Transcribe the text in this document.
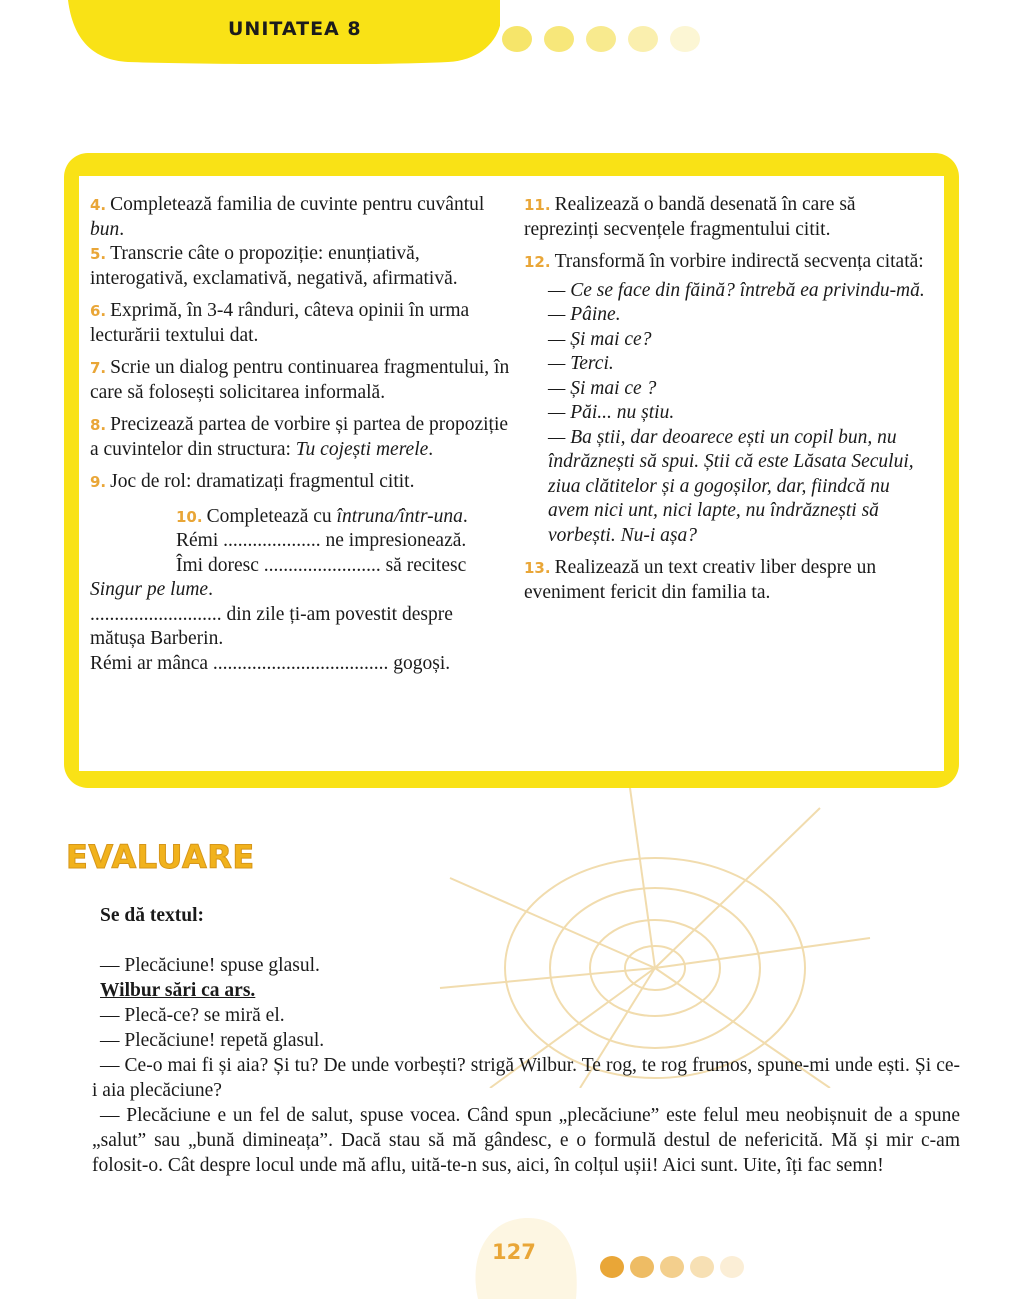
UNITATEA 8

4. Completează familia de cuvinte pentru cuvântul bun.

5. Transcrie câte o propoziție: enunțiativă, interogativă, exclamativă, negativă, afirmativă.

6. Exprimă, în 3-4 rânduri, câteva opinii în urma lecturării textului dat.

7. Scrie un dialog pentru continuarea fragmentului, în care să folosești solicitarea informală.

8. Precizează partea de vorbire și partea de propoziție a cuvintelor din structura: Tu cojești merele.

9. Joc de rol: dramatizați fragmentul citit.

10. Completează cu întruna/într-una.
Rémi .................... ne impresionează.
Îmi doresc ........................ să recitesc
Singur pe lume.
........................... din zile ți-am povestit despre mătușa Barberin.
Rémi ar mânca .................................... gogoși.

11. Realizează o bandă desenată în care să reprezinți secvențele fragmentului citit.

12. Transformă în vorbire indirectă secvența citată:

— Ce se face din făină? întrebă ea privindu-mă.
— Pâine.
— Și mai ce?
— Terci.
— Și mai ce ?
— Păi... nu știu.
— Ba știi, dar deoarece ești un copil bun, nu îndrăznești să spui. Știi că este Lăsata Secului, ziua clătitelor și a gogoșilor, dar, fiindcă nu avem nici unt, nici lapte, nu îndrăznești să vorbești. Nu-i așa?

13. Realizează un text creativ liber despre un eveniment fericit din familia ta.

EVALUARE

Se dă textul:

— Plecăciune! spuse glasul.

Wilbur sări ca ars.

— Plecă-ce? se miră el.

— Plecăciune! repetă glasul.

— Ce-o mai fi și aia? Și tu? De unde vorbești? strigă Wilbur. Te rog, te rog frumos, spune-mi unde ești. Și ce-i aia plecăciune?

— Plecăciune e un fel de salut, spuse vocea. Când spun „plecăciune” este felul meu neobișnuit de a spune „salut” sau „bună dimineața”. Dacă stau să mă gândesc, e o formulă destul de nefericită. Mă și mir c-am folosit-o. Cât despre locul unde mă aflu, uită-te-n sus, aici, în colțul ușii! Aici sunt. Uite, îți fac semn!

127
